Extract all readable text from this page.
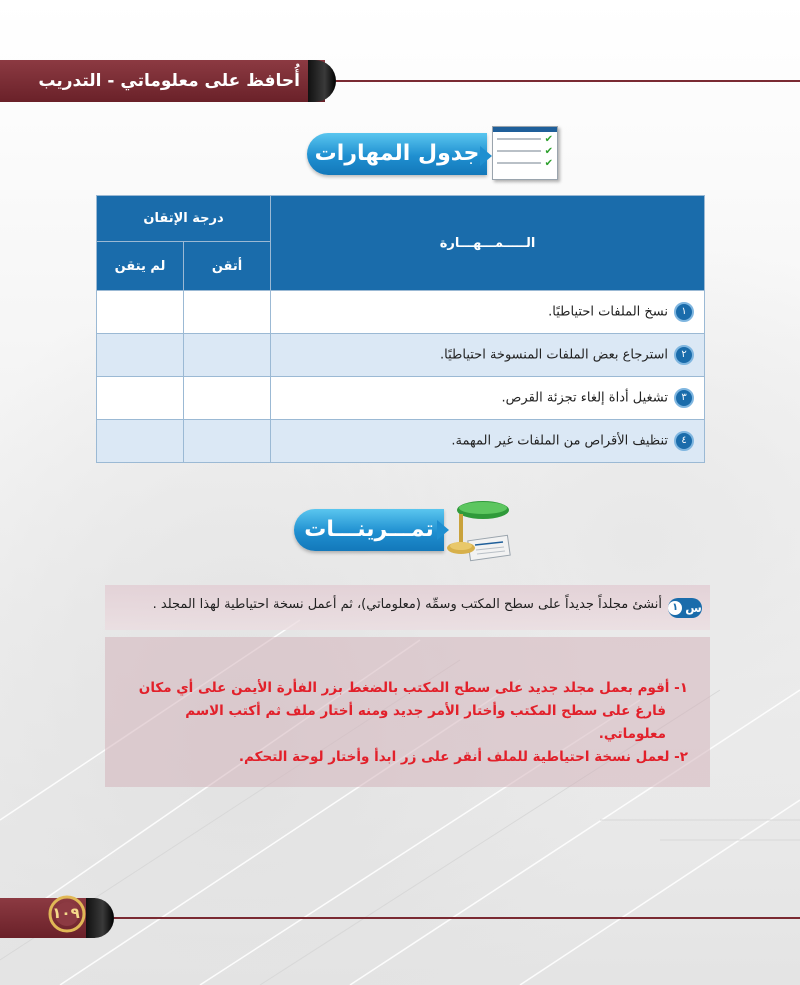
أُحافظ على معلوماتي - التدريب
جدول المهارات
✔
✔
✔
الـــــمـــهـــارة	درجة الإتقان	
	أتقن	لم يتقن
١نسخ الملفات احتياطيًا.		
٢استرجاع بعض الملفات المنسوخة احتياطيًا.		
٣تشغيل أداة إلغاء تجزئة القرص.		
٤تنظيف الأقراص من الملفات غير المهمة.		
تمـــرينـــات
س
١
أنشئ مجلداً جديداً على سطح المكتب وسمِّه (معلوماتي)، ثم أعمل نسخة احتياطية لهذا المجلد .
١- أقوم بعمل مجلد جديد على سطح المكتب بالضغط بزر الفأرة الأيمن على أي مكان
فارغ على سطح المكتب وأختار الأمر جديد ومنه أختار ملف ثم أكتب الاسم
معلوماتي.
٢- لعمل نسخة احتياطية للملف أنقر على زر ابدأ وأختار لوحة التحكم.
١٠٩
